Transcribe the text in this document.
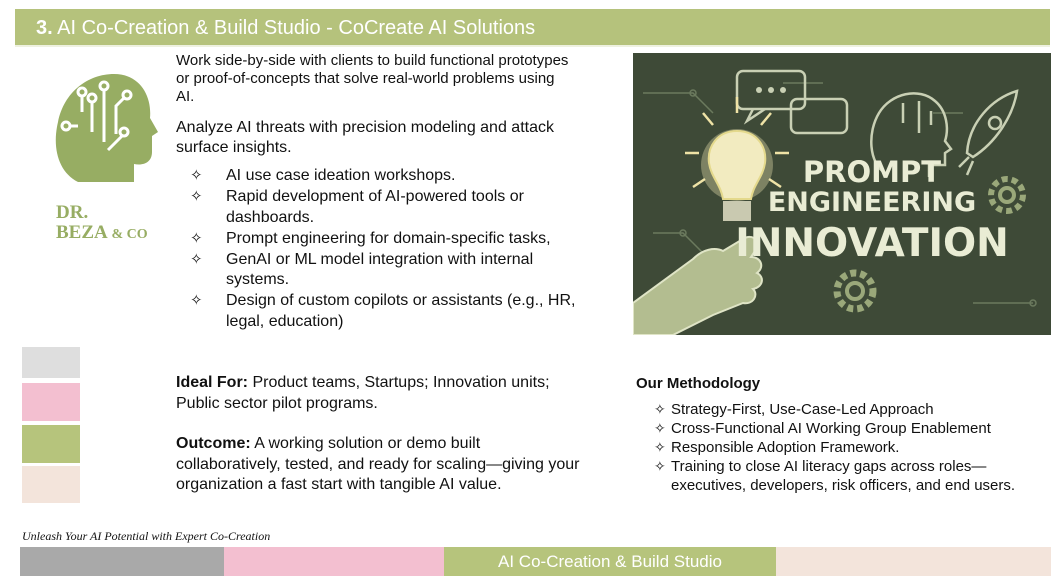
3. AI Co-Creation & Build Studio - CoCreate AI Solutions
DR.
BEZA & CO

Work side-by-side with clients to build functional prototypes or proof-of-concepts that solve real-world problems using AI.

Analyze AI threats with precision modeling and attack surface insights.

✧ AI use case ideation workshops.
✧ Rapid development of AI-powered tools or dashboards.
✧ Prompt engineering for domain-specific tasks,
✧ GenAI or ML model integration with internal systems.
✧ Design of custom copilots or assistants (e.g., HR, legal, education)

Ideal For: Product teams, Startups; Innovation units; Public sector pilot programs.

Outcome: A working solution or demo built collaboratively, tested, and ready for scaling—giving your organization a fast start with tangible AI value.

PROMPT
ENGINEERING
INNOVATION

Our Methodology

✧ Strategy-First, Use-Case-Led Approach
✧ Cross-Functional AI Working Group Enablement
✧ Responsible Adoption Framework.
✧ Training to close AI literacy gaps across roles— executives, developers, risk officers, and end users.
Unleash Your AI Potential with Expert Co-Creation
AI Co-Creation & Build Studio
